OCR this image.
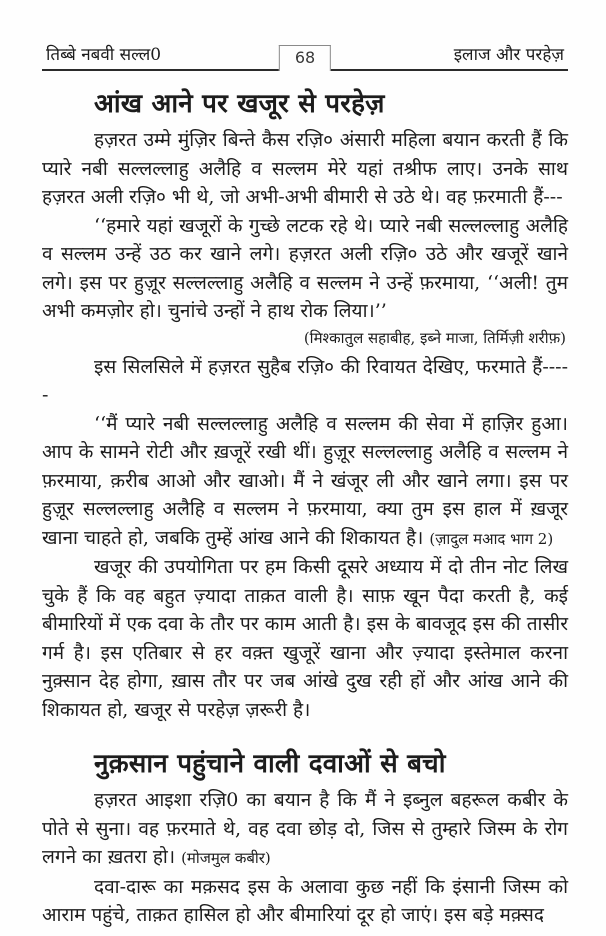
तिब्बे नबवी सल्ल0	68	इलाज और परहेज़
आंख आने पर खजूर से परहेज़

हज़रत उम्मे मुंज़िर बिन्ते कैस रज़ि० अंसारी महिला बयान करती हैं कि प्यारे नबी सल्लल्लाहु अलैहि व सल्लम मेरे यहां तश्रीफ लाए। उनके साथ हज़रत अली रज़ि० भी थे, जो अभी-अभी बीमारी से उठे थे। वह फ़रमाती हैं---

‘‘हमारे यहां खजूरों के गुच्छे लटक रहे थे। प्यारे नबी सल्लल्लाहु अलैहि व सल्लम उन्हें उठ कर खाने लगे। हज़रत अली रज़ि० उठे और खजूरें खाने लगे। इस पर हुज़ूर सल्लल्लाहु अलैहि व सल्लम ने उन्हें फ़रमाया, ‘‘अली! तुम अभी कमज़ोर हो। चुनांचे उन्हों ने हाथ रोक लिया।’’

(मिश्कातुल सहाबीह, इब्ने माजा, तिर्मिज़ी शरीफ़)

इस सिलसिले में हज़रत सुहैब रज़ि० की रिवायत देखिए, फरमाते हैं-----

‘‘मैं प्यारे नबी सल्लल्लाहु अलैहि व सल्लम की सेवा में हाज़िर हुआ। आप के सामने रोटी और ख़जूरें रखी थीं। हुज़ूर सल्लल्लाहु अलैहि व सल्लम ने फ़रमाया, क़रीब आओ और खाओ। मैं ने खंजूर ली और खाने लगा। इस पर हुज़ूर सल्लल्लाहु अलैहि व सल्लम ने फ़रमाया, क्या तुम इस हाल में ख़जूर खाना चाहते हो, जबकि तुम्हें आंख आने की शिकायत है। (ज़ादुल मआद भाग 2)

खजूर की उपयोगिता पर हम किसी दूसरे अध्याय में दो तीन नोट लिख चुके हैं कि वह बहुत ज़्यादा ताक़त वाली है। साफ़ खून पैदा करती है, कई बीमारियों में एक दवा के तौर पर काम आती है। इस के बावजूद इस की तासीर गर्म है। इस एतिबार से हर वक़्त खुजूरें खाना और ज़्यादा इस्तेमाल करना नुक़्सान देह होगा, ख़ास तौर पर जब आंखे दुख रही हों और आंख आने की शिकायत हो, खजूर से परहेज़ ज़रूरी है।

नुक़सान पहुंचाने वाली दवाओं से बचो

हज़रत आइशा रज़ि0 का बयान है कि मैं ने इब्नुल बहरूल कबीर के पोते से सुना। वह फ़रमाते थे, वह दवा छोड़ दो, जिस से तुम्हारे जिस्म के रोग लगने का ख़तरा हो। (मोजमुल कबीर)

दवा-दारू का मक़सद इस के अलावा कुछ नहीं कि इंसानी जिस्म को आराम पहुंचे, ताक़त हासिल हो और बीमारियां दूर हो जाएं। इस बड़े मक़्सद
